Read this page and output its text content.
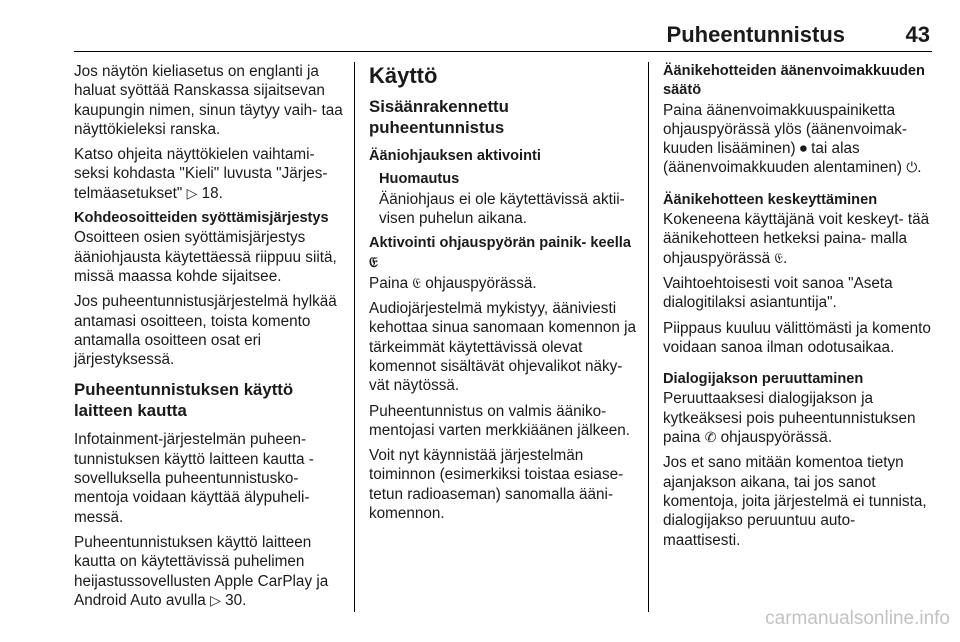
Puheentunnistus	43

Jos näytön kieliasetus on englanti ja haluat syöttää Ranskassa sijaitsevan kaupungin nimen, sinun täytyy vaih- taa näyttökieleksi ranska.

Katso ohjeita näyttökielen vaihtami- seksi kohdasta "Kieli" luvusta "Järjes- telmäasetukset" ▷ 18.

Kohdeosoitteiden syöttämisjärjestys

Osoitteen osien syöttämisjärjestys ääniohjausta käytettäessä riippuu siitä, missä maassa kohde sijaitsee.

Jos puheentunnistusjärjestelmä hylkää antamasi osoitteen, toista komento antamalla osoitteen osat eri järjestyksessä.

Puheentunnistuksen käyttö laitteen kautta

Infotainment-järjestelmän puheen- tunnistuksen käyttö laitteen kautta - sovelluksella puheentunnistusko- mentoja voidaan käyttää älypuheli- messä.

Puheentunnistuksen käyttö laitteen kautta on käytettävissä puhelimen heijastussovellusten Apple CarPlay ja Android Auto avulla ▷ 30.

Käyttö
Sisäänrakennettu puheentunnistus
Ääniohjauksen aktivointi
Huomautus
Ääniohjaus ei ole käytettävissä aktii- visen puhelun aikana.
Aktivointi ohjauspyörän painik- keella 𝔈

Paina 𝔈 ohjauspyörässä.

Audiojärjestelmä mykistyy, ääniviesti kehottaa sinua sanomaan komennon ja tärkeimmät käytettävissä olevat komennot sisältävät ohjevalikot näky- vät näytössä.

Puheentunnistus on valmis ääniko- mentojasi varten merkkiäänen jälkeen.

Voit nyt käynnistää järjestelmän toiminnon (esimerkiksi toistaa esiase- tetun radioaseman) sanomalla ääni- komennon.

Äänikehotteiden äänenvoimakkuuden säätö

Paina äänenvoimakkuuspainiketta ohjauspyörässä ylös (äänenvoimak- kuuden lisääminen) ⏺ tai alas (äänenvoimakkuuden alentaminen) ⏻.

Äänikehotteen keskeyttäminen

Kokeneena käyttäjänä voit keskeyt- tää äänikehotteen hetkeksi paina- malla ohjauspyörässä 𝔈.

Vaihtoehtoisesti voit sanoa "Aseta dialogitilaksi asiantuntija".

Piippaus kuuluu välittömästi ja komento voidaan sanoa ilman odotusaikaa.

Dialogijakson peruuttaminen

Peruuttaaksesi dialogijakson ja kytkeäksesi pois puheentunnistuksen paina ✆ ohjauspyörässä.

Jos et sano mitään komentoa tietyn ajanjakson aikana, tai jos sanot komentoja, joita järjestelmä ei tunnista, dialogijakso peruuntuu auto- maattisesti.

carmanualsonline.info
